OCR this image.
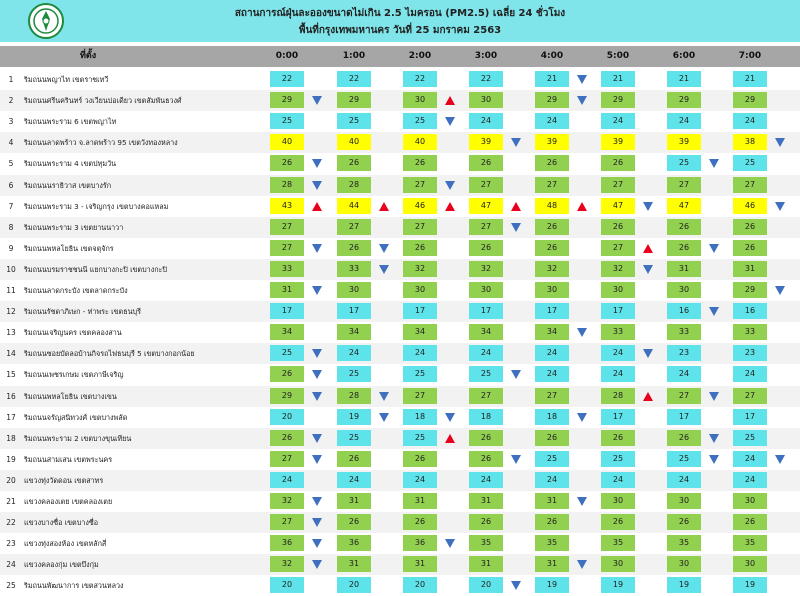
สถานการณ์ฝุ่นละอองขนาดไม่เกิน 2.5 ไมครอน (PM2.5) เฉลี่ย 24 ชั่วโมง
พื้นที่กรุงเทพมหานคร วันที่ 25 มกราคม 2563
ที่ตั้ง	0:00	1:00	2:00	3:00	4:00	5:00	6:00	7:00
1	ริมถนนพญาไท เขตราชเทวี	22	22	22	22	21	21	21	21
2	ริมถนนศรีนครินทร์ วงเวียนบ่อเดียว เขตสัมพันธวงศ์	29	29	30	30	29	29	29	29
3	ริมถนนพระราม 6 เขตพญาไท	25	25	25	24	24	24	24	24
4	ริมถนนลาดพร้าว จ.ลาดพร้าว 95 เขตวังทองหลาง	40	40	40	39	39	39	39	38
5	ริมถนนพระราม 4 เขตปทุมวัน	26	26	26	26	26	26	25	25
6	ริมถนนนราธิวาส เขตบางรัก	28	28	27	27	27	27	27	27
7	ริมถนนพระราม 3 - เจริญกรุง เขตบางคอแหลม	43	44	46	47	48	47	47	46
8	ริมถนนพระราม 3 เขตยานนาวา	27	27	27	27	26	26	26	26
9	ริมถนนพหลโยธิน เขตจตุจักร	27	26	26	26	26	27	26	26
10	ริมถนนบรมราชชนนี แยกบางกะปิ เขตบางกะปิ	33	33	32	32	32	32	31	31
11	ริมถนนลาดกระบัง เขตลาดกระบัง	31	30	30	30	30	30	30	29
12	ริมถนนรัชดาภิเษก - ท่าพระ เขตธนบุรี	17	17	17	17	17	17	16	16
13	ริมถนนเจริญนคร เขตคลองสาน	34	34	34	34	34	33	33	33
14	ริมถนนซอยบัดลอบ้านกิจรถไฟธนบุรี 5 เขตบางกอกน้อย	25	24	24	24	24	24	23	23
15	ริมถนนเพชรเกษม เขตภาษีเจริญ	26	25	25	25	24	24	24	24
16	ริมถนนพหลโยธิน เขตบางเขน	29	28	27	27	27	28	27	27
17	ริมถนนจรัญสนิทวงศ์ เขตบางพลัด	20	19	18	18	18	17	17	17
18	ริมถนนพระราม 2 เขตบางขุนเทียน	26	25	25	26	26	26	26	25
19	ริมถนนสามเสน เขตพระนคร	27	26	26	26	25	25	25	24
20	แขวงทุ่งวัดดอน เขตสาทร	24	24	24	24	24	24	24	24
21	แขวงคลองเตย เขตคลองเตย	32	31	31	31	31	30	30	30
22	แขวงบางซื่อ เขตบางซื่อ	27	26	26	26	26	26	26	26
23	แขวงทุ่งสองห้อง เขตหลักสี่	36	36	36	35	35	35	35	35
24	แขวงคลองกุ่ม เขตบึงกุ่ม	32	31	31	31	31	30	30	30
25	ริมถนนพัฒนาการ เขตสวนหลวง	20	20	20	20	19	19	19	19
